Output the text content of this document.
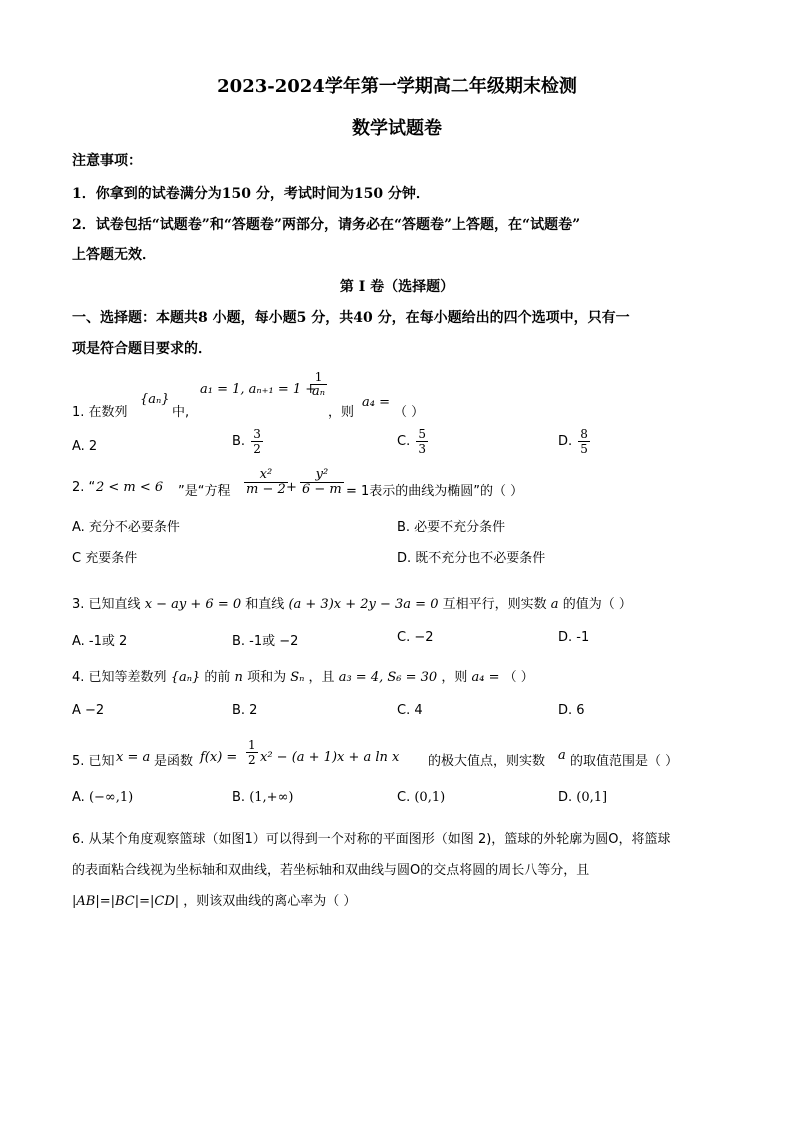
2023-2024学年第一学期高二年级期末检测
数学试题卷
注意事项：
1．你拿到的试卷满分为150 分，考试时间为150 分钟．
2．试卷包括“试题卷”和“答题卷”两部分，请务必在“答题卷”上答题，在“试题卷”
上答题无效．
第 I 卷（选择题）
一、选择题：本题共8 小题，每小题5 分，共40 分，在每小题给出的四个选项中，只有一
项是符合题目要求的．
1. 在数列
{aₙ}
中,
a₁ = 1, aₙ₊₁ = 1 +
$\frac{1}{\text{aₙ}}$
，则
a₄ =
（ ）
A. 2	B. $\frac{3}{2}$	C. $\frac{5}{3}$	D. $\frac{8}{5}$
2. “ 2 < m < 6 ”是“方程 $\frac{\text{x²}}{m - 2}$
+ $\frac{\text{y²}}{6 - m} = 1$表示的曲线为椭圆”的（ ）
A. 充分不必要条件	B. 必要不充分条件
C 充要条件	D. 既不充分也不必要条件
3. 已知直线 x − ay + 6 = 0 和直线 (a + 3)x + 2y − 3a = 0 互相平行，则实数 a 的值为（ ）
A. -1或 2	B. -1或 −2	C. −2	D. -1
4. 已知等差数列 {aₙ} 的前 n 项和为 Sₙ ，且 a₃ = 4, S₆ = 30 ，则 a₄ = （ ）
A −2	B. 2	C. 4	D. 6
5. 已知 x = a 是函数 $f(x) = \frac{1}{2} x^2 - (a + 1)x + a$ ln x 的极大值点，则实数 a 的取值范围是（ ）
A. (−∞,1)	B. (1,+∞)	C. (0,1)	D. (0,1]
6. 从某个角度观察篮球（如图1）可以得到一个对称的平面图形（如图 2)，篮球的外轮廓为圆O，将篮球
的表面粘合线视为坐标轴和双曲线，若坐标轴和双曲线与圆O的交点将圆的周长八等分，且
|AB|=|BC|=|CD| ，则该双曲线的离心率为（ ）
